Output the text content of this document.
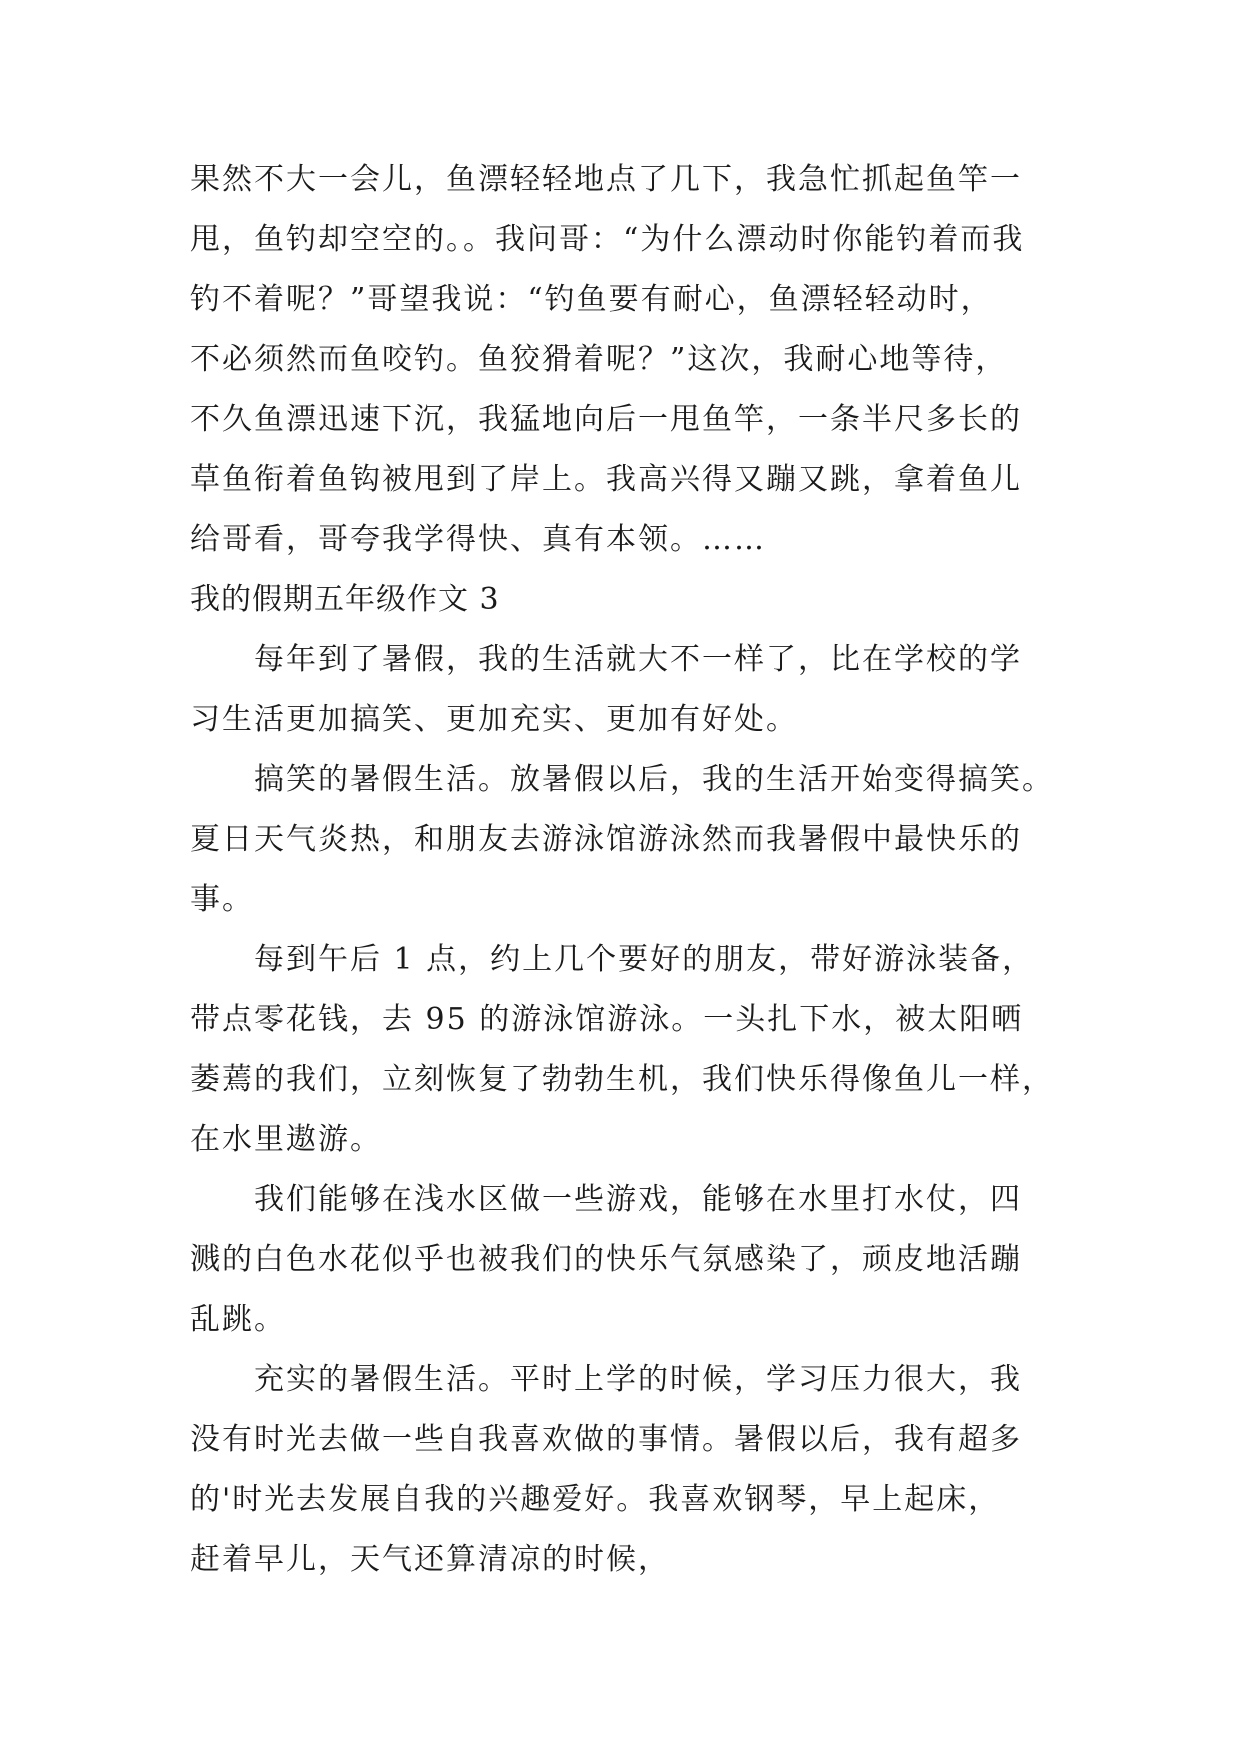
果然不大一会儿，鱼漂轻轻地点了几下，我急忙抓起鱼竿一
甩，鱼钓却空空的。。我问哥：“为什么漂动时你能钓着而我
钓不着呢？”哥望我说：“钓鱼要有耐心，鱼漂轻轻动时，
不必须然而鱼咬钓。鱼狡猾着呢？”这次，我耐心地等待，
不久鱼漂迅速下沉，我猛地向后一甩鱼竿，一条半尺多长的
草鱼衔着鱼钩被甩到了岸上。我高兴得又蹦又跳，拿着鱼儿
给哥看，哥夸我学得快、真有本领。……
我的假期五年级作文 3
每年到了暑假，我的生活就大不一样了，比在学校的学
习生活更加搞笑、更加充实、更加有好处。
搞笑的暑假生活。放暑假以后，我的生活开始变得搞笑。
夏日天气炎热，和朋友去游泳馆游泳然而我暑假中最快乐的
事。
每到午后 1 点，约上几个要好的朋友，带好游泳装备，
带点零花钱，去 95 的游泳馆游泳。一头扎下水，被太阳晒
萎蔫的我们，立刻恢复了勃勃生机，我们快乐得像鱼儿一样，
在水里遨游。
我们能够在浅水区做一些游戏，能够在水里打水仗，四
溅的白色水花似乎也被我们的快乐气氛感染了，顽皮地活蹦
乱跳。
充实的暑假生活。平时上学的时候，学习压力很大，我
没有时光去做一些自我喜欢做的事情。暑假以后，我有超多
的'时光去发展自我的兴趣爱好。我喜欢钢琴，早上起床，
赶着早儿，天气还算清凉的时候，
